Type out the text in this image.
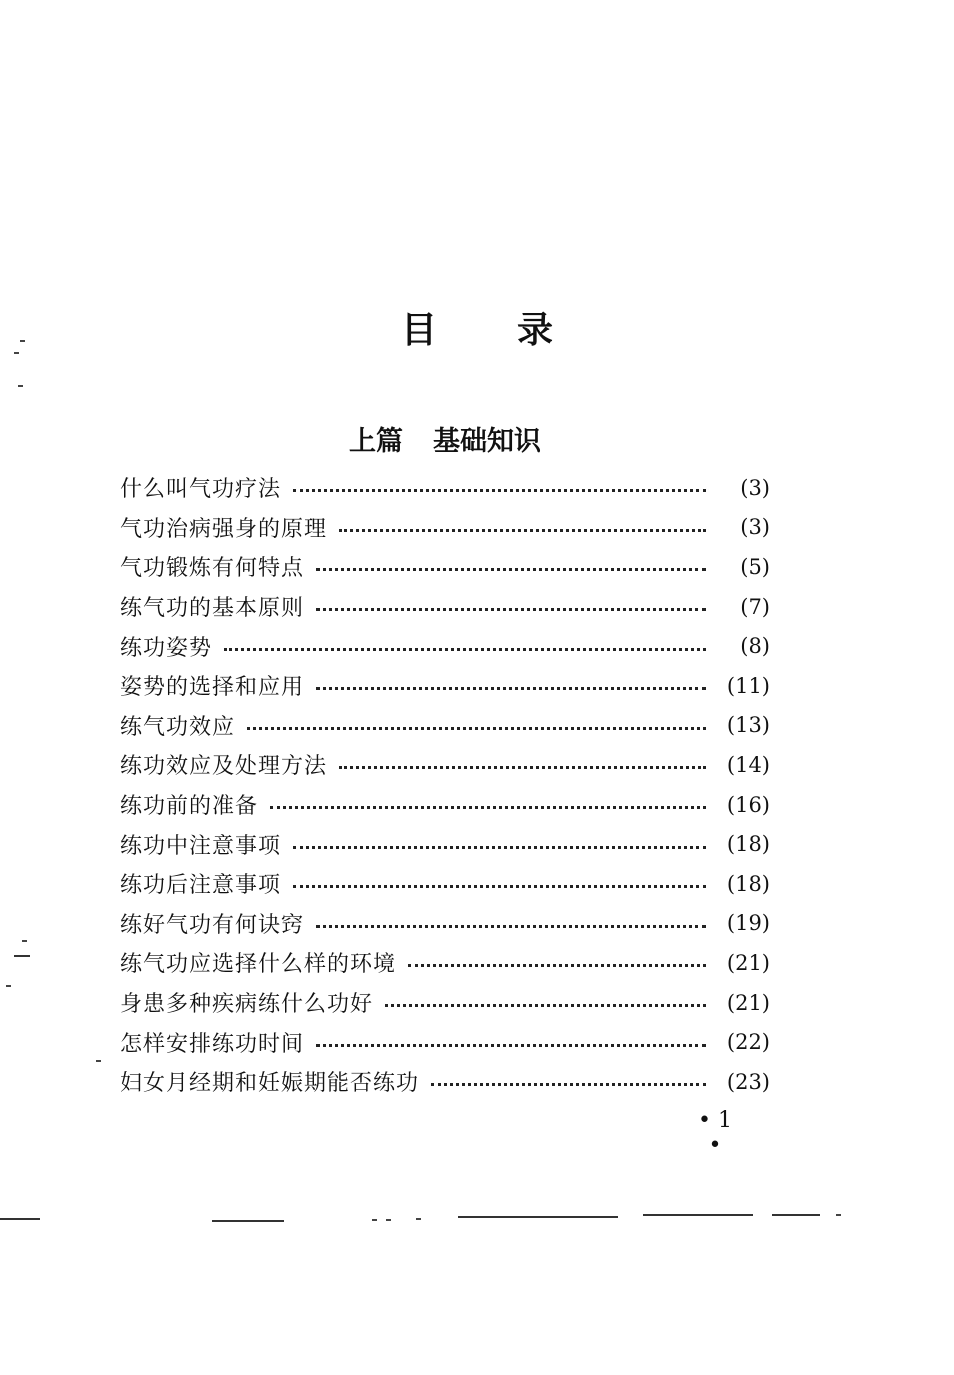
目 录
上篇 基础知识
什么叫气功疗法	(3)
气功治病强身的原理	(3)
气功锻炼有何特点	(5)
练气功的基本原则	(7)
练功姿势	(8)
姿势的选择和应用	(11)
练气功效应	(13)
练功效应及处理方法	(14)
练功前的准备	(16)
练功中注意事项	(18)
练功后注意事项	(18)
练好气功有何诀窍	(19)
练气功应选择什么样的环境	(21)
身患多种疾病练什么功好	(21)
怎样安排练功时间	(22)
妇女月经期和妊娠期能否练功	(23)
• 1 •
